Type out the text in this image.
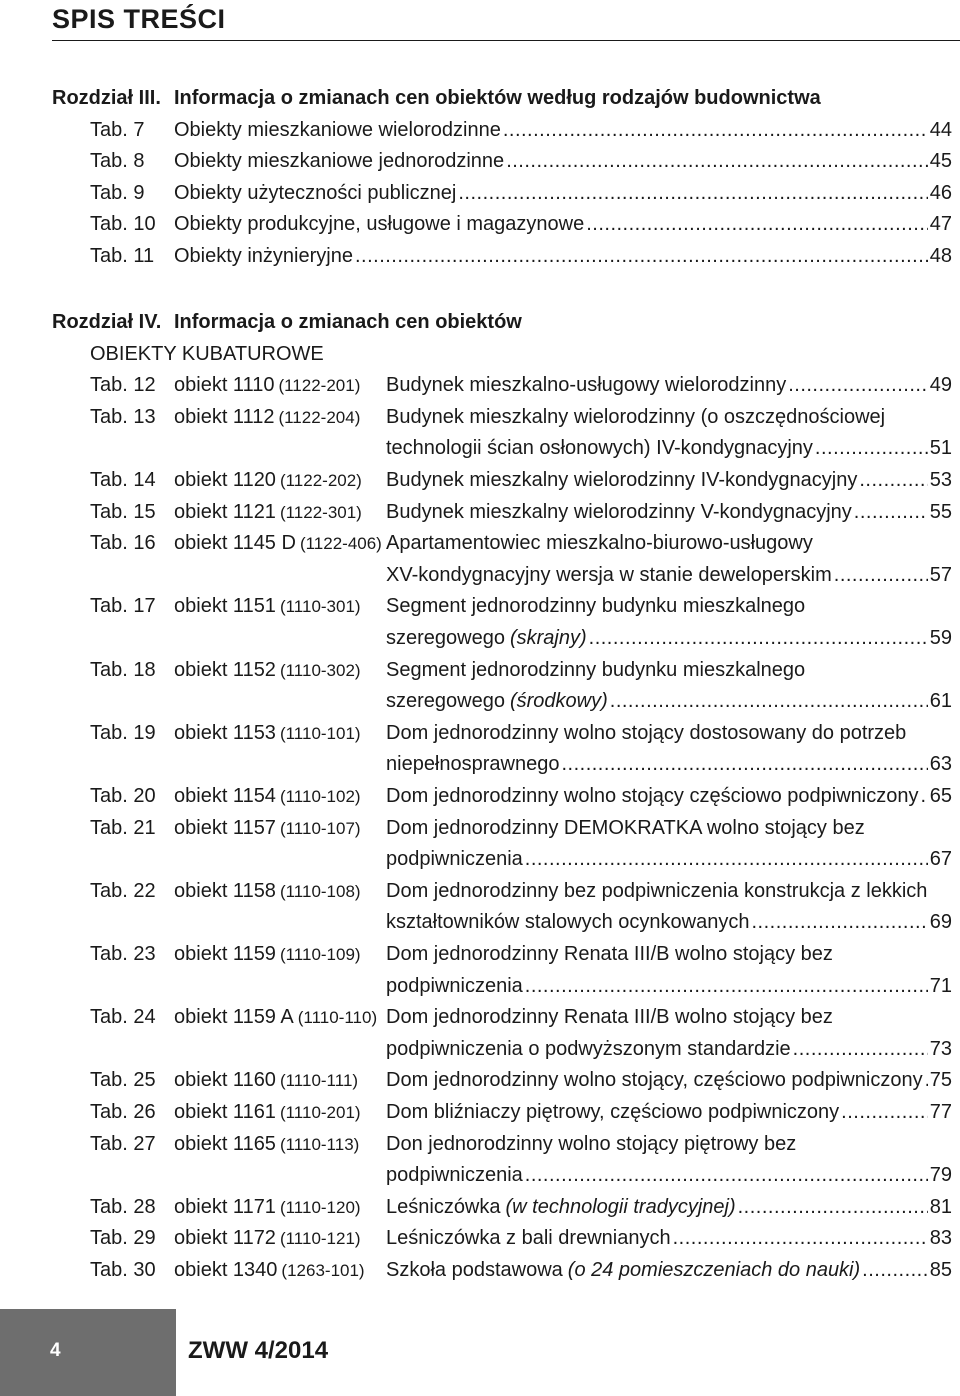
SPIS TREŚCI
Rozdział III. Informacja o zmianach cen obiektów według rodzajów budownictwa
Tab. 7 Obiekty mieszkaniowe wielorodzinne .....	44
Tab. 8 Obiekty mieszkaniowe jednorodzinne .....	45
Tab. 9 Obiekty użyteczności publicznej .....	46
Tab. 10 Obiekty produkcyjne, usługowe i magazynowe .....	47
Tab. 11 Obiekty inżynieryjne .....	48
Rozdział IV. Informacja o zmianach cen obiektów
OBIEKTY KUBATUROWE
Tab. 12 obiekt 1110 (1122-201) Budynek mieszkalno-usługowy wielorodzinny .....	49
Tab. 13 obiekt 1112 (1122-204) Budynek mieszkalny wielorodzinny (o oszczędnościowej
technologii ścian osłonowych) IV-kondygnacyjny .....	51
Tab. 14 obiekt 1120 (1122-202) Budynek mieszkalny wielorodzinny IV-kondygnacyjny .....	53
Tab. 15 obiekt 1121 (1122-301) Budynek mieszkalny wielorodzinny V-kondygnacyjny .....	55
Tab. 16 obiekt 1145 D (1122-406) Apartamentowiec mieszkalno-biurowo-usługowy
XV-kondygnacyjny wersja w stanie deweloperskim .....	57
Tab. 17 obiekt 1151 (1110-301) Segment jednorodzinny budynku mieszkalnego
szeregowego (skrajny) .....	59
Tab. 18 obiekt 1152 (1110-302) Segment jednorodzinny budynku mieszkalnego
szeregowego (środkowy) .....	61
Tab. 19 obiekt 1153 (1110-101) Dom jednorodzinny wolno stojący dostosowany do potrzeb
niepełnosprawnego .....	63
Tab. 20 obiekt 1154 (1110-102) Dom jednorodzinny wolno stojący częściowo podpiwniczony ..... 65
Tab. 21 obiekt 1157 (1110-107) Dom jednorodzinny DEMOKRATKA wolno stojący bez
podpiwniczenia .....	67
Tab. 22 obiekt 1158 (1110-108) Dom jednorodzinny bez podpiwniczenia konstrukcja z lekkich
kształtowników stalowych ocynkowanych .....	69
Tab. 23 obiekt 1159 (1110-109) Dom jednorodzinny Renata III/B wolno stojący bez
podpiwniczenia .....	71
Tab. 24 obiekt 1159 A (1110-110) Dom jednorodzinny Renata III/B wolno stojący bez
podpiwniczenia o podwyższonym standardzie .....	73
Tab. 25 obiekt 1160 (1110-111) Dom jednorodzinny wolno stojący, częściowo podpiwniczony ..... 75
Tab. 26 obiekt 1161 (1110-201) Dom bliźniaczy piętrowy, częściowo podpiwniczony .....	77
Tab. 27 obiekt 1165 (1110-113) Don jednorodzinny wolno stojący piętrowy bez
podpiwniczenia .....	79
Tab. 28 obiekt 1171 (1110-120) Leśniczówka (w technologii tradycyjnej) .....	81
Tab. 29 obiekt 1172 (1110-121) Leśniczówka z bali drewnianych .....	83
Tab. 30 obiekt 1340 (1263-101) Szkoła podstawowa (o 24 pomieszczeniach do nauki) .....	85
4	ZWW 4/2014
